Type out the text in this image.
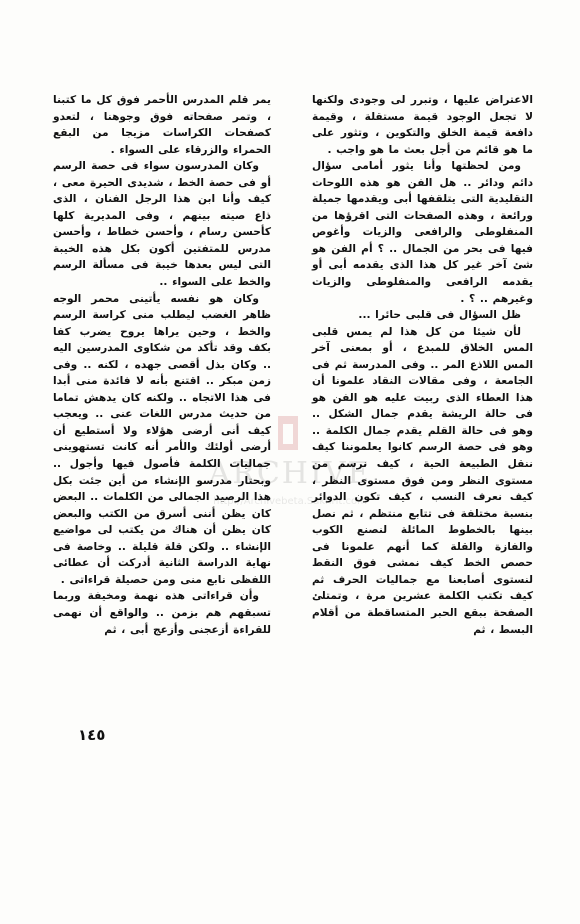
ARCHIVE
http://Archivebeta.Sakhrit.com

الاعتراض عليها ، وتبرر لى وجودى ولكنها لا تجعل الوجود قيمة مستقلة ، وقيمة دافعة قيمة الخلق والتكوين ، وتثور على ما هو قائم من أجل بعث ما هو واجب .

ومن لحظتها وأنا يثور أمامى سؤال دائم ودائر .. هل الفن هو هذه اللوحات التقليدية التى يتلقفها أبى ويقدمها جميلة ورائعة ، وهذه الصفحات التى اقرؤها من المنفلوطى والرافعى والزيات وأغوص فيها فى بحر من الجمال .. ؟ أم الفن هو شئ آخر غير كل هذا الذى يقدمه أبى أو يقدمه الرافعى والمنفلوطى والزيات وغيرهم .. ؟ .

ظل السؤال فى قلبى حائرا ...

لأن شيئا من كل هذا لم يمس قلبى المس الخلاق للمبدع ، أو بمعنى آخر المس اللاذع المر .. وفى المدرسة ثم فى الجامعة ، وفى مقالات النقاد علمونا أن هذا العطاء الذى ربيت عليه هو الفن هو فى حالة الريشة يقدم جمال الشكل .. وهو فى حالة القلم يقدم جمال الكلمة .. وهو فى حصة الرسم كانوا يعلموننا كيف ننقل الطبيعة الحية ، كيف نرسم من مستوى النظر ومن فوق مستوى النظر ، كيف نعرف النسب ، كيف تكون الدوائر بنسبة مختلفة فى تتابع منتظم ، ثم نصل بينها بالخطوط المائلة لنصنع الكوب والفازة والقلة كما أنهم علمونا فى حصص الخط كيف نمشى فوق النقط لنستوى أصابعنا مع جماليات الحرف ثم كيف تكتب الكلمة عشرين مرة ، وتمتلئ الصفحة ببقع الحبر المتساقطة من أقلام البسط ، ثم

يمر قلم المدرس الأحمر فوق كل ما كتبنا ، وتمر صفحاته فوق وجوهنا ، لتعدو كصفحات الكراسات مزيجا من البقع الحمراء والزرقاء على السواء .

وكان المدرسون سواء فى حصة الرسم أو فى حصة الخط ، شديدى الحيرة معى ، كيف وأنا ابن هذا الرجل الفنان ، الذى ذاع صيته بينهم ، وفى المديرية كلها كأحسن رسام ، وأحسن خطاط ، وأحسن مدرس للمتفتين أكون بكل هذه الخيبة التى ليس بعدها خيبة فى مسألة الرسم والخط على السواء ..

وكان هو نفسه يأتينى محمر الوجه ظاهر الغضب ليطلب منى كراسة الرسم والخط ، وحين يراها يروح يضرب كفا بكف وقد تأكد من شكاوى المدرسين اليه .. وكان بذل أقصى جهده ، لكنه .. وفى زمن مبكر .. اقتنع بأنه لا فائدة منى أبدا فى هذا الاتجاه .. ولكنه كان يدهش تماما من حديث مدرس اللغات عنى .. ويعجب كيف أنى أرضى هؤلاء ولا أستطيع أن أرضى أولئك والأمر أنه كانت تستهوينى جماليات الكلمة فأصول فيها وأجول .. وبحتار مدرسو الإنشاء من أين جئت بكل هذا الرصيد الجمالى من الكلمات .. البعض كان يظن أننى أسرق من الكتب والبعض كان يظن أن هناك من يكتب لى مواضيع الإنشاء .. ولكن قلة قليلة .. وخاصة فى نهاية الدراسة الثانية أدركت أن عطائى اللفظى نابع منى ومن حصيلة قراءاتى .

وأن قراءاتى هذه نهمة ومخيفة وربما تسبقهم هم بزمن .. والواقع أن نهمى للقراءة أزعجنى وأزعج أبى ، ثم

١٤٥
